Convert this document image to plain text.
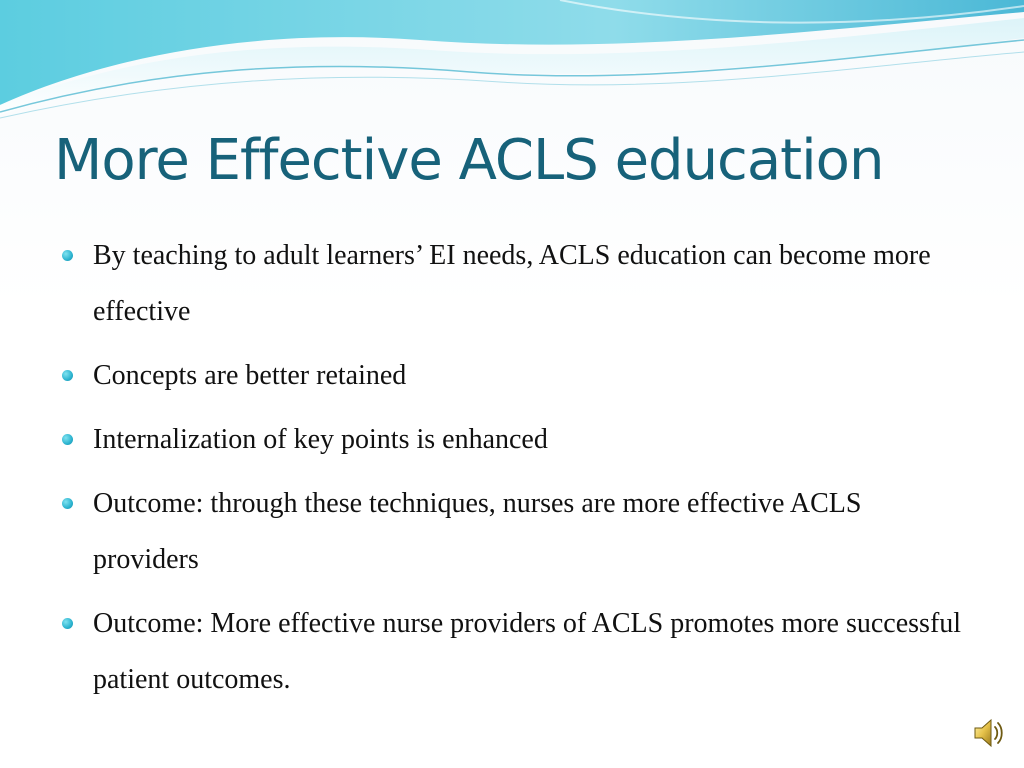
More Effective ACLS education
By teaching to adult learners’ EI needs, ACLS education can become more effective
Concepts are better retained
Internalization of key points is enhanced
Outcome: through these techniques, nurses are more effective ACLS providers
Outcome: More effective nurse providers of ACLS promotes more successful patient outcomes.
